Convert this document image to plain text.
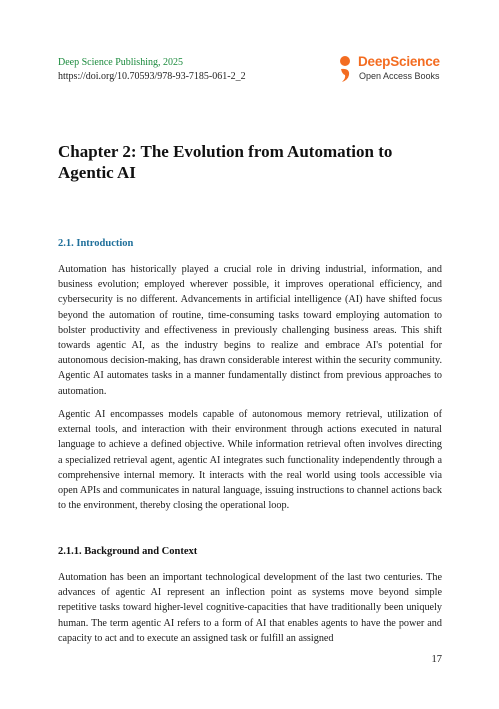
Deep Science Publishing, 2025
https://doi.org/10.70593/978-93-7185-061-2_2
DeepScience
Open Access Books
Chapter 2: The Evolution from Automation to Agentic AI
2.1. Introduction

Automation has historically played a crucial role in driving industrial, information, and business evolution; employed wherever possible, it improves operational efficiency, and cybersecurity is no different. Advancements in artificial intelligence (AI) have shifted focus beyond the automation of routine, time-consuming tasks toward employing automation to bolster productivity and effectiveness in previously challenging business areas. This shift towards agentic AI, as the industry begins to realize and embrace AI's potential for autonomous decision-making, has drawn considerable interest within the security community. Agentic AI automates tasks in a manner fundamentally distinct from previous approaches to automation.

Agentic AI encompasses models capable of autonomous memory retrieval, utilization of external tools, and interaction with their environment through actions executed in natural language to achieve a defined objective. While information retrieval often involves directing a specialized retrieval agent, agentic AI integrates such functionality independently through a comprehensive internal memory. It interacts with the real world using tools accessible via open APIs and communicates in natural language, issuing instructions to channel actions back to the environment, thereby closing the operational loop.

2.1.1. Background and Context

Automation has been an important technological development of the last two centuries. The advances of agentic AI represent an inflection point as systems move beyond simple repetitive tasks toward higher-level cognitive-capacities that have traditionally been uniquely human. The term agentic AI refers to a form of AI that enables agents to have the power and capacity to act and to execute an assigned task or fulfill an assigned

17
